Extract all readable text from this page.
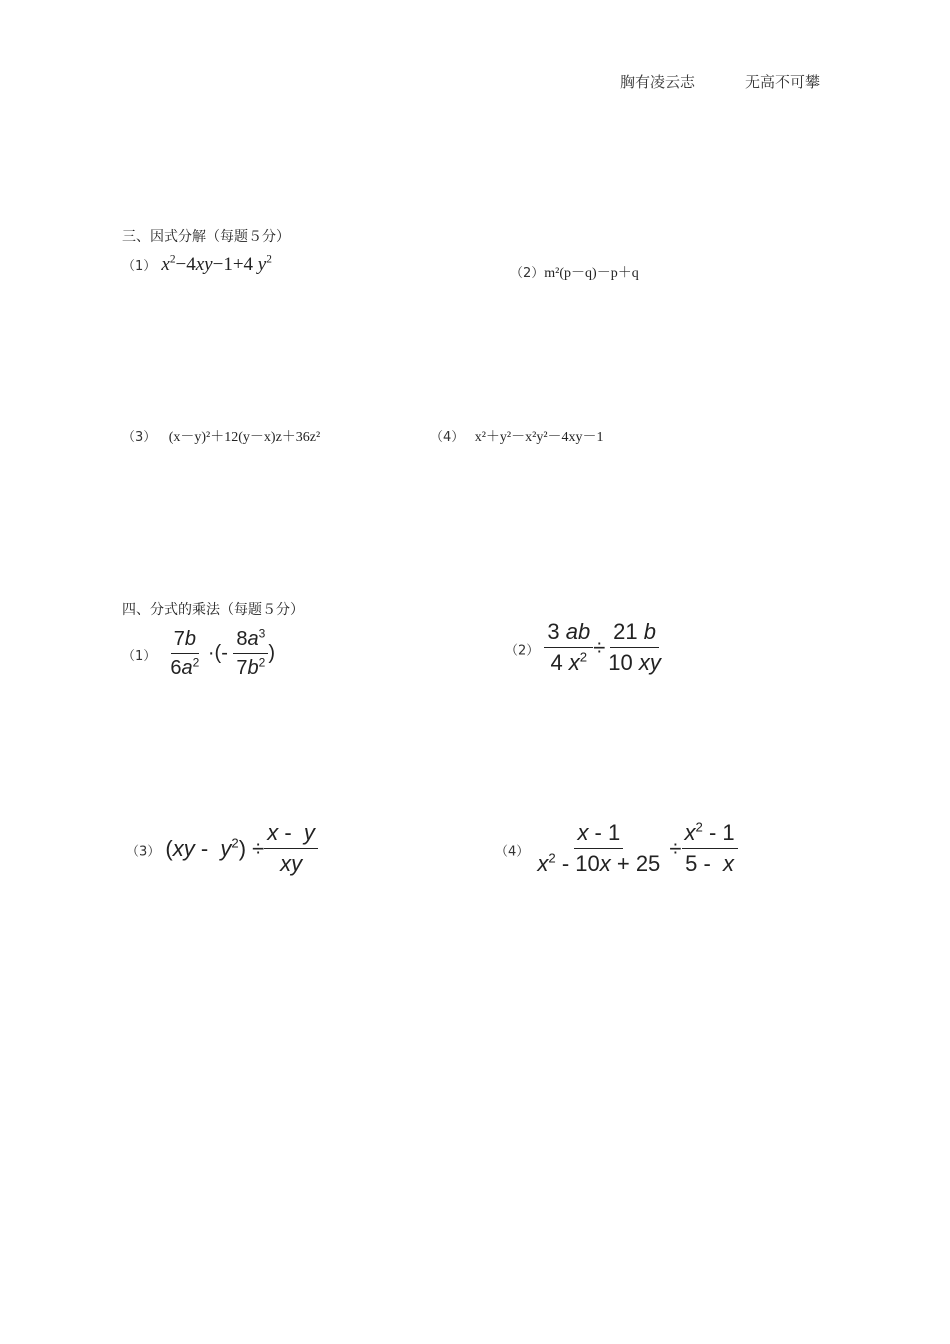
胸有凌云志	无高不可攀
三、因式分解（每题５分）
（1） $x^2-4xy-1+4$ $y^2$
（2）m²(p－q)－p＋q
（3） (x－y)²＋12(y－x)z＋36z²	（4） x²＋y²－x²y²－4xy－1
四、分式的乘法（每题５分）
$(1) \frac{7b}{6a^2}$ ·(- $\frac{8a^3}{7b^2}$ )	$(2) \frac{3 ab}{4 x^2} \div \frac{21 b}{10 xy}$
（3） $(xy - y^2) \div \frac{x - y}{xy}$	$(4) \frac{x - 1}{x^2 - 10x + 25} \div \frac{x^2 - 1}{5 - x}$
